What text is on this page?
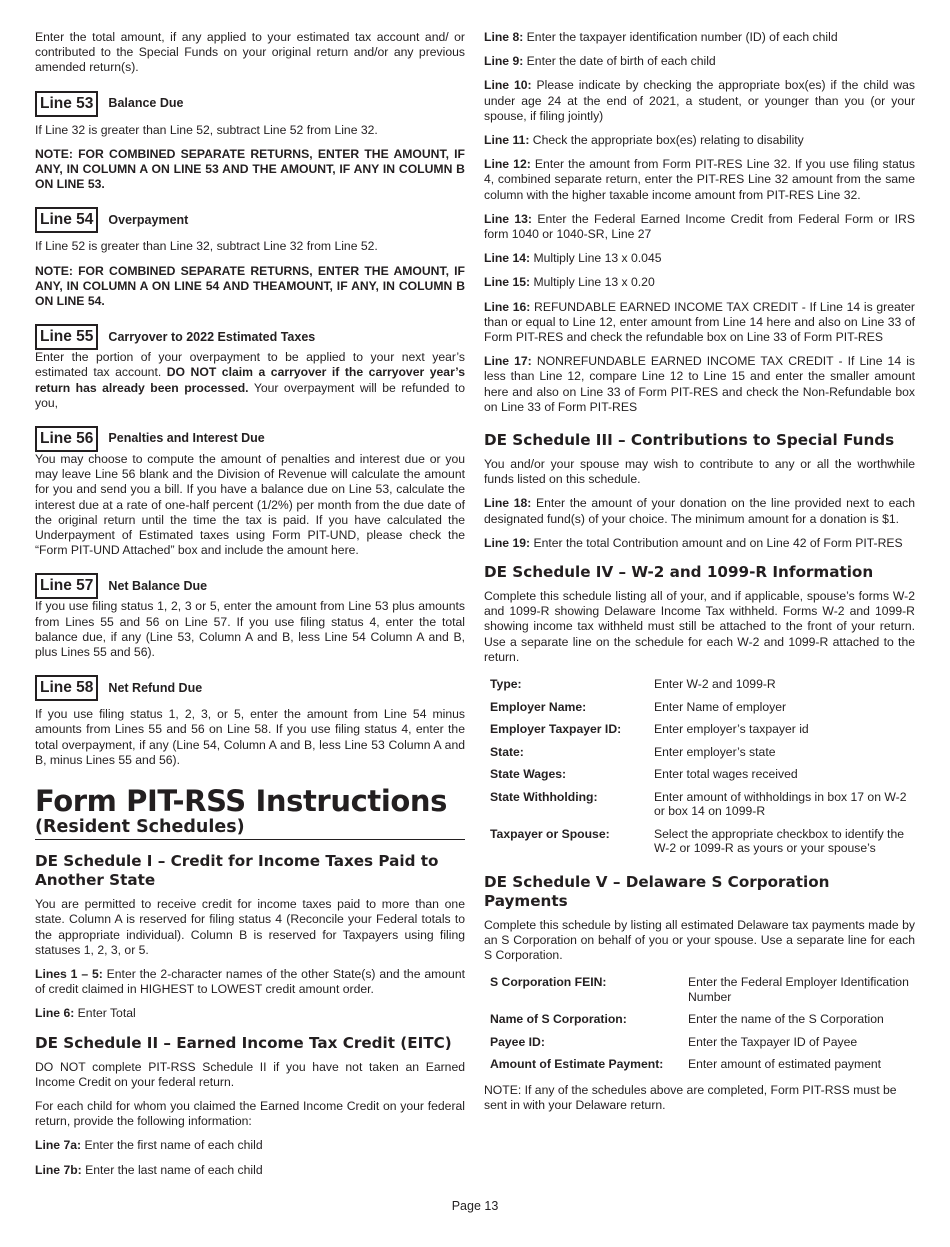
Enter the total amount, if any applied to your estimated tax account and/ or contributed to the Special Funds on your original return and/or any previous amended return(s).

Line 53	Balance Due

If Line 32 is greater than Line 52, subtract Line 52 from Line 32.

NOTE: FOR COMBINED SEPARATE RETURNS, ENTER THE AMOUNT, IF ANY, IN COLUMN A ON LINE 53 AND THE AMOUNT, IF ANY IN COLUMN B ON LINE 53.
Line 54	Overpayment

If Line 52 is greater than Line 32, subtract Line 32 from Line 52.

NOTE: FOR COMBINED SEPARATE RETURNS, ENTER THE AMOUNT, IF ANY, IN COLUMN A ON LINE 54 AND THEAMOUNT, IF ANY, IN COLUMN B ON LINE 54.
Line 55	Carryover to 2022 Estimated Taxes

Enter the portion of your overpayment to be applied to your next year’s estimated tax account. DO NOT claim a carryover if the carryover year’s return has already been processed. Your overpayment will be refunded to you,

Line 56	Penalties and Interest Due

You may choose to compute the amount of penalties and interest due or you may leave Line 56 blank and the Division of Revenue will calculate the amount for you and send you a bill. If you have a balance due on Line 53, calculate the interest due at a rate of one-half percent (1/2%) per month from the due date of the original return until the time the tax is paid. If you have calculated the Underpayment of Estimated taxes using Form PIT-UND, please check the “Form PIT-UND Attached” box and include the amount here.

Line 57	Net Balance Due

If you use filing status 1, 2, 3 or 5, enter the amount from Line 53 plus amounts from Lines 55 and 56 on Line 57. If you use filing status 4, enter the total balance due, if any (Line 53, Column A and B, less Line 54 Column A and B, plus Lines 55 and 56).

Line 58	Net Refund Due

If you use filing status 1, 2, 3, or 5, enter the amount from Line 54 minus amounts from Lines 55 and 56 on Line 58. If you use filing status 4, enter the total overpayment, if any (Line 54, Column A and B, less Line 53 Column A and B, minus Lines 55 and 56).

Form PIT-RSS Instructions
(Resident Schedules)
DE Schedule I – Credit for Income Taxes Paid to Another State

You are permitted to receive credit for income taxes paid to more than one state. Column A is reserved for filing status 4 (Reconcile your Federal totals to the appropriate individual). Column B is reserved for Taxpayers using filing statuses 1, 2, 3, or 5.

Lines 1 – 5: Enter the 2-character names of the other State(s) and the amount of credit claimed in HIGHEST to LOWEST credit amount order.

Line 6: Enter Total

DE Schedule II – Earned Income Tax Credit (EITC)

DO NOT complete PIT-RSS Schedule II if you have not taken an Earned Income Credit on your federal return.

For each child for whom you claimed the Earned Income Credit on your federal return, provide the following information:

Line 7a: Enter the first name of each child

Line 7b: Enter the last name of each child

Line 8: Enter the taxpayer identification number (ID) of each child

Line 9: Enter the date of birth of each child

Line 10: Please indicate by checking the appropriate box(es) if the child was under age 24 at the end of 2021, a student, or younger than you (or your spouse, if filing jointly)

Line 11: Check the appropriate box(es) relating to disability

Line 12: Enter the amount from Form PIT-RES Line 32. If you use filing status 4, combined separate return, enter the PIT-RES Line 32 amount from the same column with the higher taxable income amount from PIT-RES Line 32.

Line 13: Enter the Federal Earned Income Credit from Federal Form or IRS form 1040 or 1040-SR, Line 27

Line 14: Multiply Line 13 x 0.045

Line 15: Multiply Line 13 x 0.20

Line 16: REFUNDABLE EARNED INCOME TAX CREDIT - If Line 14 is greater than or equal to Line 12, enter amount from Line 14 here and also on Line 33 of Form PIT-RES and check the refundable box on Line 33 of Form PIT-RES

Line 17: NONREFUNDABLE EARNED INCOME TAX CREDIT - If Line 14 is less than Line 12, compare Line 12 to Line 15 and enter the smaller amount here and also on Line 33 of Form PIT-RES and check the Non-Refundable box on Line 33 of Form PIT-RES

DE Schedule III – Contributions to Special Funds

You and/or your spouse may wish to contribute to any or all the worthwhile funds listed on this schedule.

Line 18: Enter the amount of your donation on the line provided next to each designated fund(s) of your choice. The minimum amount for a donation is $1.

Line 19: Enter the total Contribution amount and on Line 42 of Form PIT-RES

DE Schedule IV – W-2 and 1099-R Information

Complete this schedule listing all of your, and if applicable, spouse’s forms W-2 and 1099-R showing Delaware Income Tax withheld. Forms W-2 and 1099-R showing income tax withheld must still be attached to the front of your return. Use a separate line on the schedule for each W-2 and 1099-R attached to the return.

Type:	Enter W-2 and 1099-R
Employer Name:	Enter Name of employer
Employer Taxpayer ID:	Enter employer’s taxpayer id
State:	Enter employer’s state
State Wages:	Enter total wages received
State Withholding:	Enter amount of withholdings in box 17 on W-2 or box 14 on 1099-R
Taxpayer or Spouse:	Select the appropriate checkbox to identify the W-2 or 1099-R as yours or your spouse’s
DE Schedule V – Delaware S Corporation Payments

Complete this schedule by listing all estimated Delaware tax payments made by an S Corporation on behalf of you or your spouse. Use a separate line for each S Corporation.

S Corporation FEIN:	Enter the Federal Employer Identification Number
Name of S Corporation:	Enter the name of the S Corporation
Payee ID:	Enter the Taxpayer ID of Payee
Amount of Estimate Payment:	Enter amount of estimated payment

NOTE: If any of the schedules above are completed, Form PIT-RSS must be sent in with your Delaware return.

Page 13
